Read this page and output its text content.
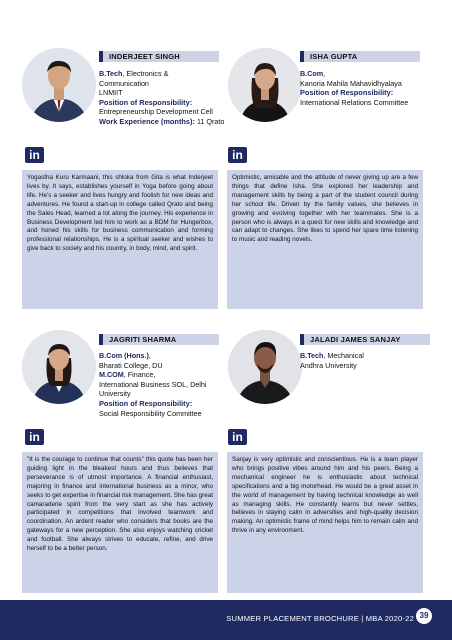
INDERJEET SINGH

B.Tech, Electronics &

Communication

LNMIIT

Position of Responsibility:

Entrepreneurship Development Cell

Work Experience (months): 11 Qrato

in
Yogastha Kuru Karmaani, this shloka from Gita is what Inderjeet lives by. It says, establishes yourself in Yoga before going about life. He's a seeker and lives hungry and foolish for new ideas and adventures. He found a start-up in college called Qrato and being the Sales Head, learned a lot along the journey. His experience in Business Development led him to work as a BDM for Hungerbox, and honed his skills for business communication and forming professional relationships. He is a spiritual seeker and wishes to give back to society and his country, in body, mind, and spirit.
ISHA GUPTA

B.Com,

Kanoria Mahila Mahavidhyalaya

Position of Responsibility:

International Relations Committee

in
Optimistic, amicable and the attitude of never giving up are a few things that define Isha. She explored her leadership and management skills by being a part of the student council during her school life. Driven by the family values, she believes in growing and evolving together with her teammates. She is a person who is always in a quest for new skills and knowledge and can adapt to changes. She likes to spend her spare time listening to music and reading novels.
JAGRITI SHARMA

B.Com (Hons.),

Bharati College, DU

M.COM, Finance,

International Business SOL, Delhi

University

Position of Responsibility:

Social Responsibility Committee

in
"It is the courage to continue that counts" this quote has been her guiding light in the bleakest hours and thus believes that perseverance is of utmost importance. A financial enthusiast, majoring in finance and international business as a minor, who seeks to get expertise in financial risk management. She has great camaraderie spirit from the very start as she has actively participated in competitions that involved teamwork and coordination. An ardent reader who considers that books are the gateways for a new perception. She also enjoys watching cricket and football. She always strives to educate, refine, and drive herself to be a better person.
JALADI JAMES SANJAY

B.Tech, Mechanical

Andhra University

in
Sanjay is very optimistic and conscientious. He is a team player who brings positive vibes around him and his peers. Being a mechanical engineer he is enthusiastic about technical specifications and a big motorhead. He would be a great asset in the world of management by having technical knowledge as well as managing skills. He constantly learns but never settles, believes in staying calm in adversities and high-quality decision making. An optimistic frame of mind helps him to remain calm and thrive in any environment.
SUMMER PLACEMENT BROCHURE | MBA 2020-22 39
